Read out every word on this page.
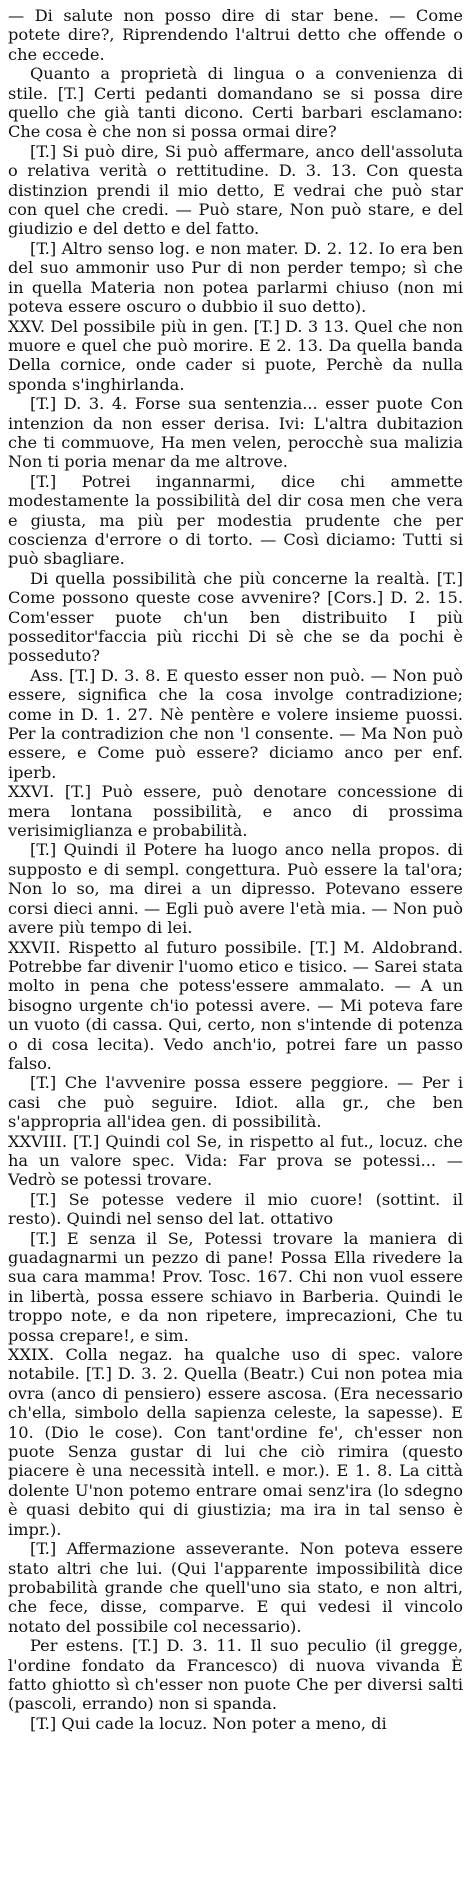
— Di salute non posso dire di star bene. — Come potete dire?, Riprendendo l'altrui detto che offende o che eccede.

Quanto a proprietà di lingua o a convenienza di stile. [T.] Certi pedanti domandano se si possa dire quello che già tanti dicono. Certi barbari esclamano: Che cosa è che non si possa ormai dire?

[T.] Si può dire, Si può affermare, anco dell'assoluta o relativa verità o rettitudine. D. 3. 13. Con questa distinzion prendi il mio detto, E vedrai che può star con quel che credi. — Può stare, Non può stare, e del giudizio e del detto e del fatto.

[T.] Altro senso log. e non mater. D. 2. 12. Io era ben del suo ammonir uso Pur di non perder tempo; sì che in quella Materia non potea parlarmi chiuso (non mi poteva essere oscuro o dubbio il suo detto).

XXV. Del possibile più in gen. [T.] D. 3 13. Quel che non muore e quel che può morire. E 2. 13. Da quella banda Della cornice, onde cader si puote, Perchè da nulla sponda s'inghirlanda.

[T.] D. 3. 4. Forse sua sentenzia... esser puote Con intenzion da non esser derisa. Ivi: L'altra dubitazion che ti commuove, Ha men velen, perocchè sua malizia Non ti poria menar da me altrove.

[T.] Potrei ingannarmi, dice chi ammette modestamente la possibilità del dir cosa men che vera e giusta, ma più per modestia prudente che per coscienza d'errore o di torto. — Così diciamo: Tutti si può sbagliare.

Di quella possibilità che più concerne la realtà. [T.] Come possono queste cose avvenire? [Cors.] D. 2. 15. Com'esser puote ch'un ben distribuito I più posseditor'faccia più ricchi Di sè che se da pochi è posseduto?

Ass. [T.] D. 3. 8. E questo esser non può. — Non può essere, significa che la cosa involge contradizione; come in D. 1. 27. Nè pentère e volere insieme puossi. Per la contradizion che non 'l consente. — Ma Non può essere, e Come può essere? diciamo anco per enf. iperb.

XXVI. [T.] Può essere, può denotare concessione di mera lontana possibilità, e anco di prossima verisimiglianza e probabilità.

[T.] Quindi il Potere ha luogo anco nella propos. di supposto e di sempl. congettura. Può essere la tal'ora; Non lo so, ma direi a un dipresso. Potevano essere corsi dieci anni. — Egli può avere l'età mia. — Non può avere più tempo di lei.

XXVII. Rispetto al futuro possibile. [T.] M. Aldobrand. Potrebbe far divenir l'uomo etico e tisico. — Sarei stata molto in pena che potess'essere ammalato. — A un bisogno urgente ch'io potessi avere. — Mi poteva fare un vuoto (di cassa. Qui, certo, non s'intende di potenza o di cosa lecita). Vedo anch'io, potrei fare un passo falso.

[T.] Che l'avvenire possa essere peggiore. — Per i casi che può seguire. Idiot. alla gr., che ben s'appropria all'idea gen. di possibilità.

XXVIII. [T.] Quindi col Se, in rispetto al fut., locuz. che ha un valore spec. Vida: Far prova se potessi... — Vedrò se potessi trovare.

[T.] Se potesse vedere il mio cuore! (sottint. il resto). Quindi nel senso del lat. ottativo

[T.] E senza il Se, Potessi trovare la maniera di guadagnarmi un pezzo di pane! Possa Ella rivedere la sua cara mamma! Prov. Tosc. 167. Chi non vuol essere in libertà, possa essere schiavo in Barberia. Quindi le troppo note, e da non ripetere, imprecazioni, Che tu possa crepare!, e sim.

XXIX. Colla negaz. ha qualche uso di spec. valore notabile. [T.] D. 3. 2. Quella (Beatr.) Cui non potea mia ovra (anco di pensiero) essere ascosa. (Era necessario ch'ella, simbolo della sapienza celeste, la sapesse). E 10. (Dio le cose). Con tant'ordine fe', ch'esser non puote Senza gustar di lui che ciò rimira (questo piacere è una necessità intell. e mor.). E 1. 8. La città dolente U'non potemo entrare omai senz'ira (lo sdegno è quasi debito qui di giustizia; ma ira in tal senso è impr.).

[T.] Affermazione asseverante. Non poteva essere stato altri che lui. (Qui l'apparente impossibilità dice probabilità grande che quell'uno sia stato, e non altri, che fece, disse, comparve. E qui vedesi il vincolo notato del possibile col necessario).

Per estens. [T.] D. 3. 11. Il suo peculio (il gregge, l'ordine fondato da Francesco) di nuova vivanda È fatto ghiotto sì ch'esser non puote Che per diversi salti (pascoli, errando) non si spanda.

[T.] Qui cade la locuz. Non poter a meno, di
